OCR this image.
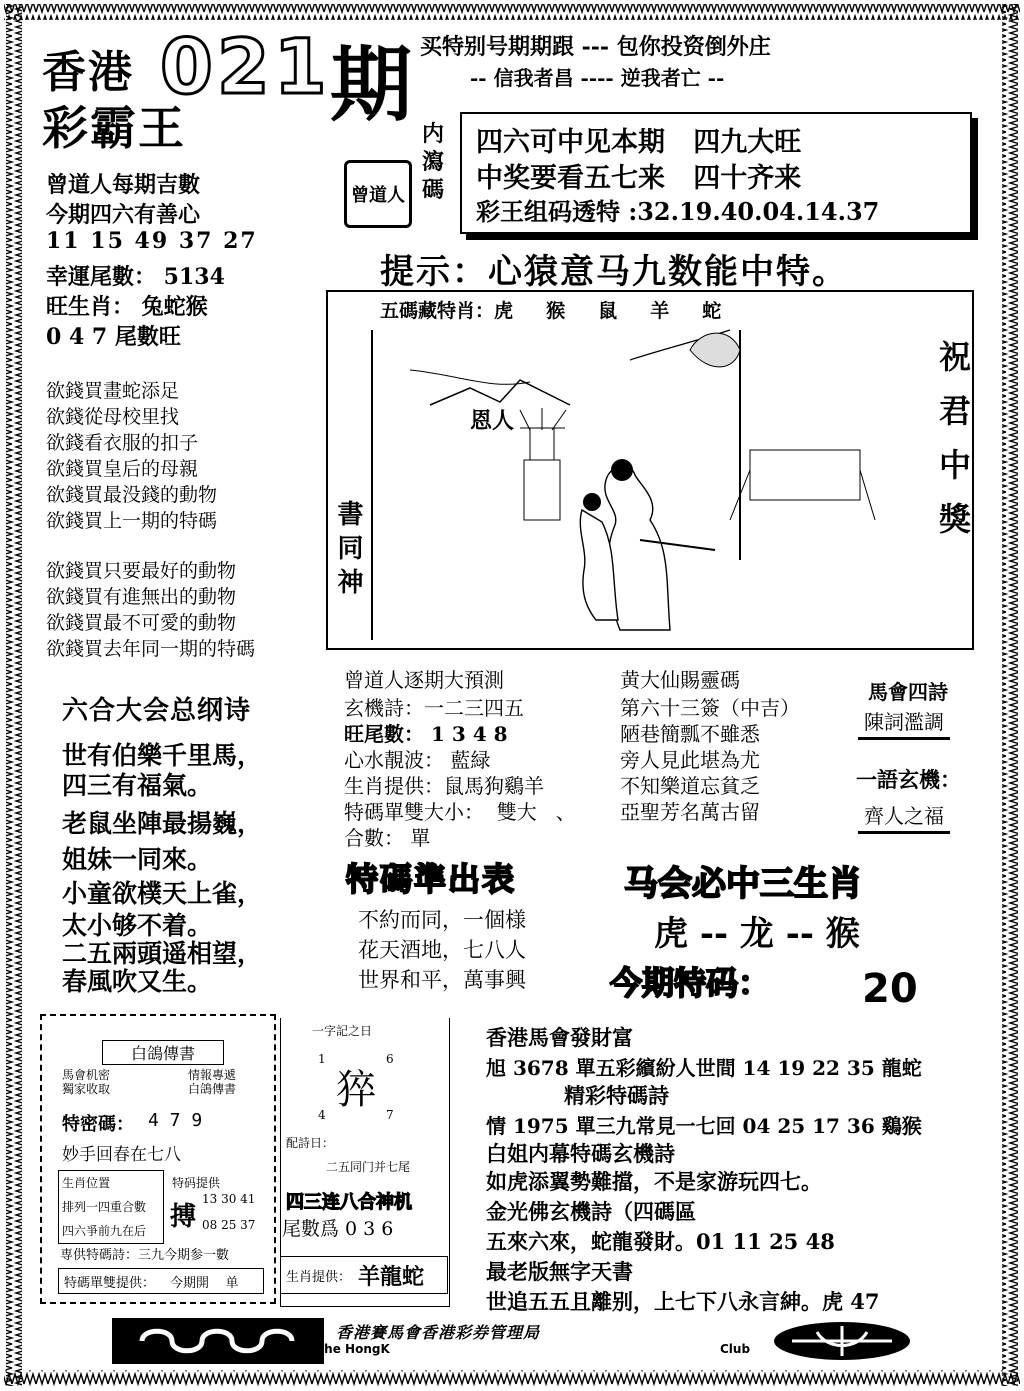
香港 021 期
彩霸王
买特别号期期跟 --- 包你投资倒外庄
-- 信我者昌 ---- 逆我者亡 --
内瀉碼
曾道人
四六可中见本期   四九大旺
中奖要看五七来   四十齐来
彩王组码透特 :32.19.40.04.14.37
提示：心猿意马九数能中特。
曾道人每期吉數
今期四六有善心
11 15 49 37 27
幸運尾數： 5134
旺生肖： 兔蛇猴
0 4 7 尾數旺
欲錢買畫蛇添足
欲錢從母校里找
欲錢看衣服的扣子
欲錢買皇后的母親
欲錢買最没錢的動物
欲錢買上一期的特碼
欲錢買只要最好的動物
欲錢買有進無出的動物
欲錢買最不可愛的動物
欲錢買去年同一期的特碼
五碼藏特肖：虎     猴     鼠     羊     蛇
祝君中獎
書同神
恩人
六合大会总纲诗
世有伯樂千里馬，
四三有福氣。
老鼠坐陣最揚巍，
姐妹一同來。
小童欲樸天上雀，
太小够不着。
二五兩頭遥相望，
春風吹又生。
曾道人逐期大預測
玄機詩：一二三四五
旺尾數： 1 3 4 8
心水靚波： 藍緑
生肖提供：鼠馬狗鷄羊
特碼單雙大小：  雙大   、
合數： 單
黄大仙賜靈碼
第六十三簽（中吉）
陋巷簡瓢不雖悉
旁人見此堪為尤
不知樂道忘貧乏
亞聖芳名萬古留
馬會四詩
陳詞濫調
一語玄機：
齊人之福
特碼準出表
不約而同，一個様
花天酒地，七八人
世界和平，萬事興
马会必中三生肖
虎 -- 龙 -- 猴
今期特码： 20
香港馬會發財富
旭 3678 單五彩繽紛人世間 14 19 22 35 龍蛇
精彩特碼詩
情 1975 單三九常見一七回 04 25 17 36 鷄猴
白姐内幕特碼玄機詩
如虎添翼勢難擋，不是家游玩四七。
金光佛玄機詩（四碼區
五來六來，蛇龍發財。01 11 25 48
最老版無字天書
世追五五且離别，上七下八永言紳。虎 47
白鴿傳書
馬會机密
獨家收取
情報專遞
白鴿傳書
特密碼： 4 7 9
妙手回春在七八
生肖位置
排列一四重合數
四六爭前九在后
特码提供
搏
13 30 41
08 25 37
専供特碼詩：三九今期参一數
特碼單雙提供： 今期開    单
一字記之日
1	6
猝
4	7
配詩日：
二五同门并七尾
四三连八合神机
尾數爲 0 3 6
生肖提供： 羊龍蛇
香港賽馬會香港彩券管理局
The HongK	Club
